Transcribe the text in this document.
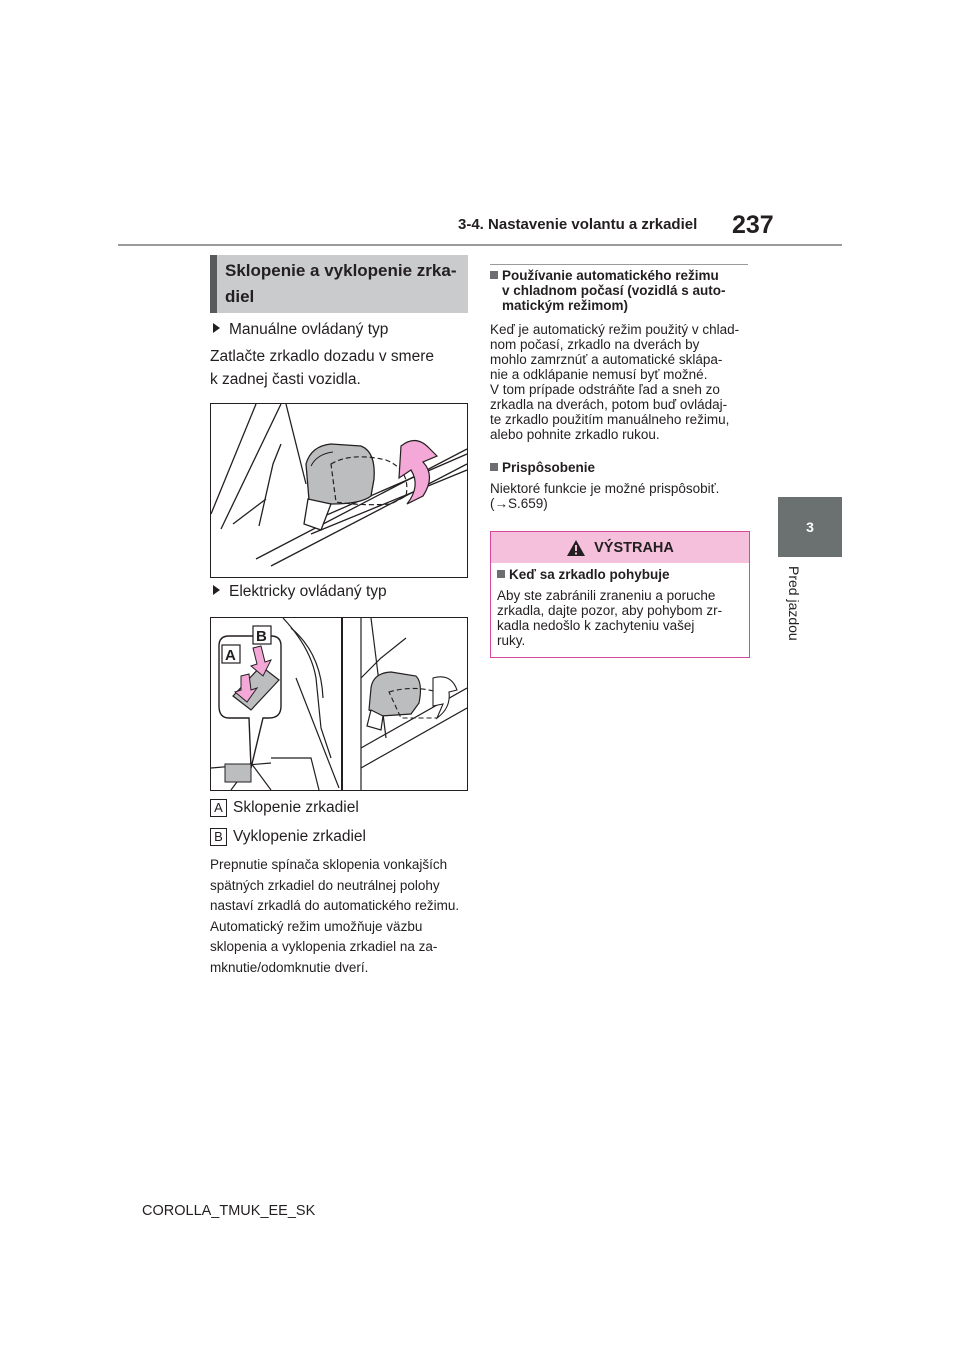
3-4. Nastavenie volantu a zrkadiel 237
3
Pred jazdou
Sklopenie a vyklopenie zrka-
diel
Manuálne ovládaný typ
Zatlačte zrkadlo dozadu v smere
k zadnej časti vozidla.
Elektricky ovládaný typ
A
B
A Sklopenie zrkadiel
B Vyklopenie zrkadiel
Prepnutie spínača sklopenia vonkajších
spätných zrkadiel do neutrálnej polohy
nastaví zrkadlá do automatického režimu.
Automatický režim umožňuje väzbu
sklopenia a vyklopenia zrkadiel na za-
mknutie/odomknutie dverí.
Používanie automatického režimu
v chladnom počasí (vozidlá s auto-
matickým režimom)
Keď je automatický režim použitý v chlad-
nom počasí, zrkadlo na dverách by
mohlo zamrznúť a automatické sklápa-
nie a odklápanie nemusí byť možné.
V tom prípade odstráňte ľad a sneh zo
zrkadla na dverách, potom buď ovládaj-
te zrkadlo použitím manuálneho režimu,
alebo pohnite zrkadlo rukou.
Prispôsobenie
Niektoré funkcie je možné prispôsobiť.
(→S.659)
VÝSTRAHA
Keď sa zrkadlo pohybuje
Aby ste zabránili zraneniu a poruche
zrkadla, dajte pozor, aby pohybom zr-
kadla nedošlo k zachyteniu vašej
ruky.
COROLLA_TMUK_EE_SK
